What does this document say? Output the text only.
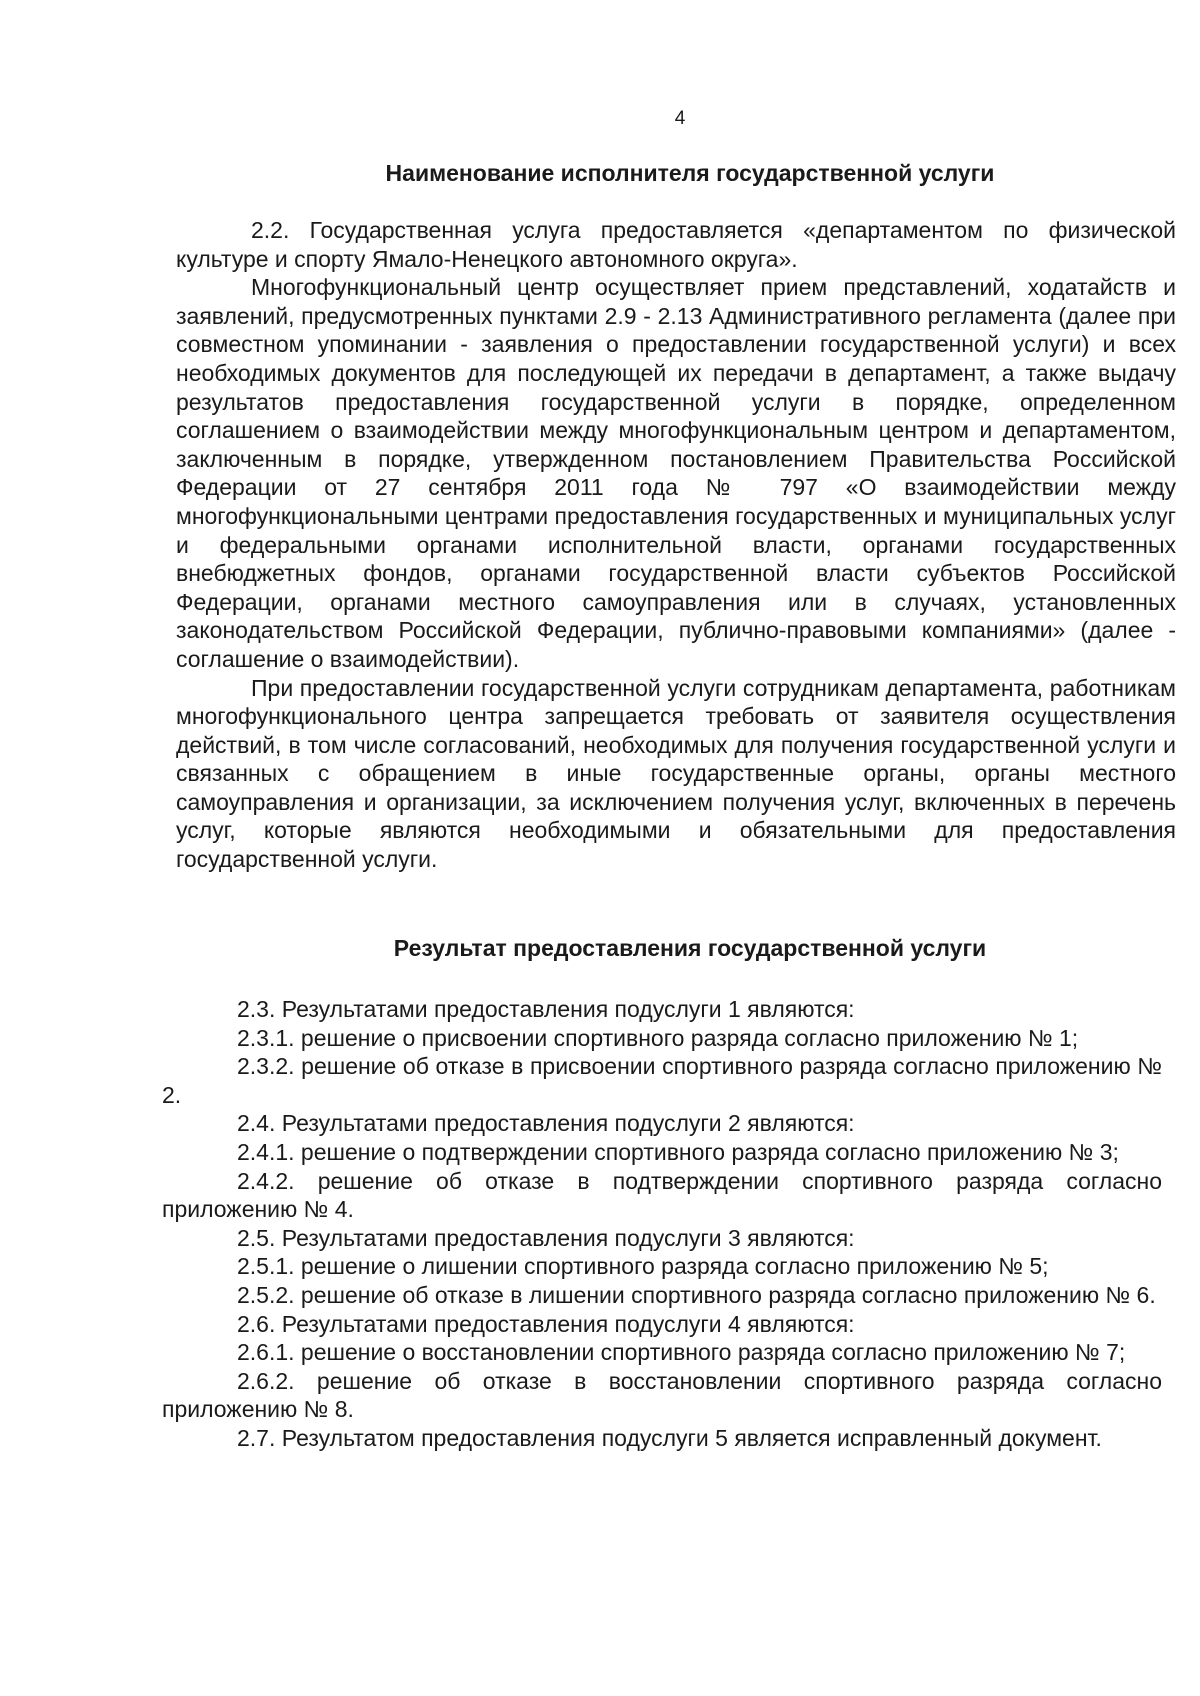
4
Наименование исполнителя государственной услуги

2.2. Государственная услуга предоставляется «департаментом по физической культуре и спорту Ямало-Ненецкого автономного округа».

Многофункциональный центр осуществляет прием представлений, ходатайств и заявлений, предусмотренных пунктами 2.9 - 2.13 Административного регламента (далее при совместном упоминании - заявления о предоставлении государственной услуги) и всех необходимых документов для последующей их передачи в департамент, а также выдачу результатов предоставления государственной услуги в порядке, определенном соглашением о взаимодействии между многофункциональным центром и департаментом, заключенным в порядке, утвержденном постановлением Правительства Российской Федерации от 27 сентября 2011 года № 797 «О взаимодействии между многофункциональными центрами предоставления государственных и муниципальных услуг и федеральными органами исполнительной власти, органами государственных внебюджетных фондов, органами государственной власти субъектов Российской Федерации, органами местного самоуправления или в случаях, установленных законодательством Российской Федерации, публично-правовыми компаниями» (далее - соглашение о взаимодействии).

При предоставлении государственной услуги сотрудникам департамента, работникам многофункционального центра запрещается требовать от заявителя осуществления действий, в том числе согласований, необходимых для получения государственной услуги и связанных с обращением в иные государственные органы, органы местного самоуправления и организации, за исключением получения услуг, включенных в перечень услуг, которые являются необходимыми и обязательными для предоставления государственной услуги.

Результат предоставления государственной услуги

2.3. Результатами предоставления подуслуги 1 являются:

2.3.1. решение о присвоении спортивного разряда согласно приложению № 1;

2.3.2. решение об отказе в присвоении спортивного разряда согласно приложению № 2.

2.4. Результатами предоставления подуслуги 2 являются:

2.4.1. решение о подтверждении спортивного разряда согласно приложению № 3;

2.4.2. решение об отказе в подтверждении спортивного разряда согласно приложению № 4.

2.5. Результатами предоставления подуслуги 3 являются:

2.5.1. решение о лишении спортивного разряда согласно приложению № 5;

2.5.2. решение об отказе в лишении спортивного разряда согласно приложению № 6.

2.6. Результатами предоставления подуслуги 4 являются:

2.6.1. решение о восстановлении спортивного разряда согласно приложению № 7;

2.6.2. решение об отказе в восстановлении спортивного разряда согласно приложению № 8.

2.7. Результатом предоставления подуслуги 5 является исправленный документ.
